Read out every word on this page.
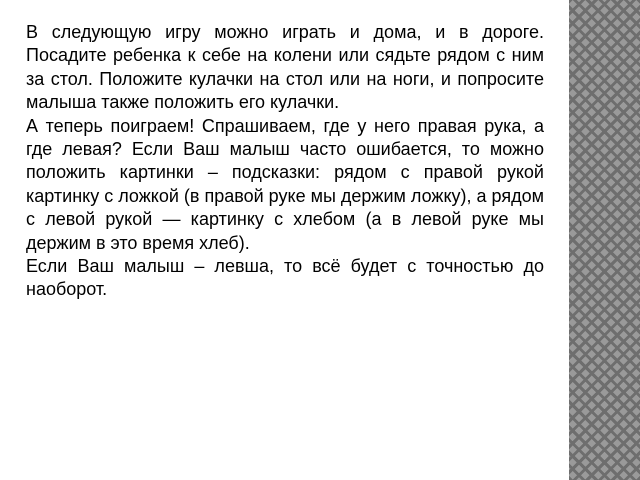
В следующую игру можно играть и дома, и в дороге. Посадите ребенка к себе на колени или сядьте рядом с ним за стол. Положите кулачки на стол или на ноги, и попросите малыша также положить его кулачки.

А теперь поиграем! Спрашиваем, где у него правая рука, а где левая? Если Ваш малыш часто ошибается, то можно положить картинки – подсказки: рядом с правой рукой картинку с ложкой (в правой руке мы держим ложку), а рядом с левой рукой — картинку с хлебом (а в левой руке мы держим в это время хлеб).

Если Ваш малыш – левша, то всё будет с точностью до наоборот.
